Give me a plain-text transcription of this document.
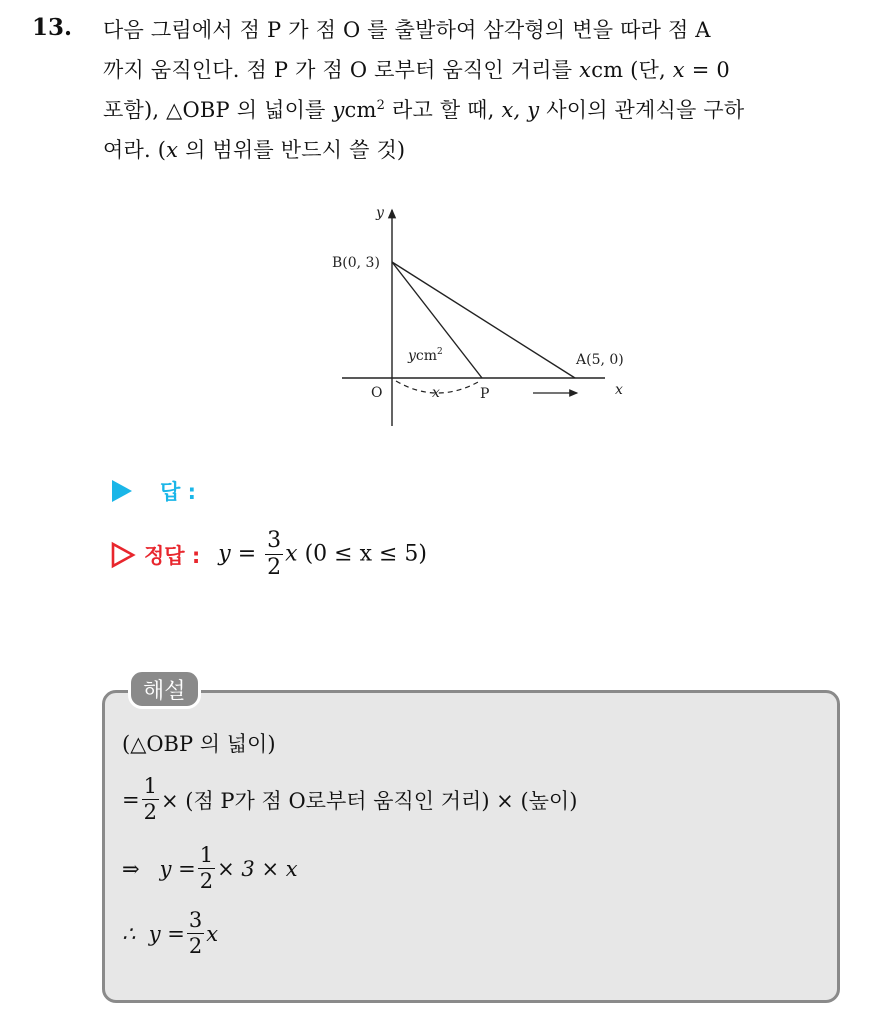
13. 다음 그림에서 점 P 가 점 O 를 출발하여 삼각형의 변을 따라 점 A
까지 움직인다. 점 P 가 점 O 로부터 움직인 거리를 xcm (단, x = 0
포함), △OBP 의 넓이를 ycm$^2$ 라고 할 때, x, y 사이의 관계식을 구하
여라. (x 의 범위를 반드시 쓸 것)
y
x
B(0, 3)
A(5, 0)
O	P
ycm$^2$
x
답 :
정답 : $y = \frac{3}{2}$ x (0 ≤ x ≤ 5)
해설
(△OBP 의 넓이)
= $\frac{1}{2}$ × (점 P가 점 O로부터 움직인 거리) × (높이)
⇒   $y = \frac{1}{2} \times 3 \times x$
∴  $y = \frac{3}{2}$ x
